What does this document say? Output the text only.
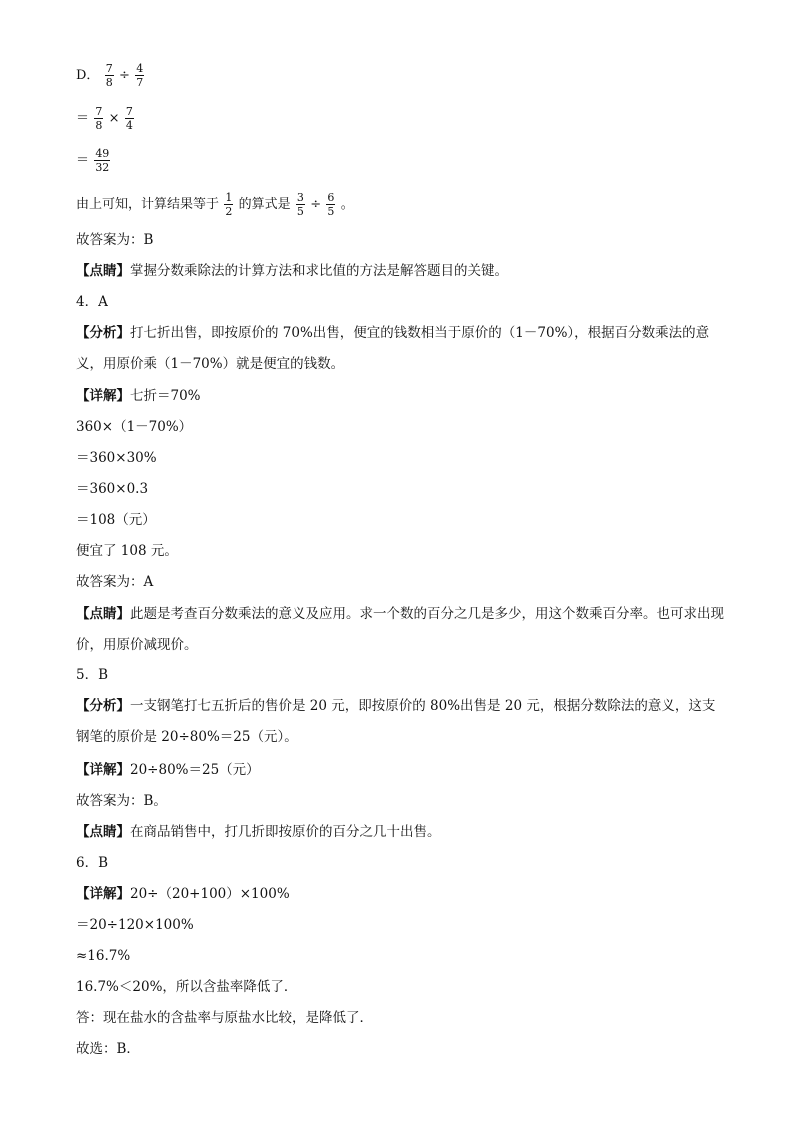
D． $\frac{7}{8} \div \frac{4}{7}$
＝ $\frac{7}{8} \times \frac{7}{4}$
＝ $\frac{49}{32}$
由上可知，计算结果等于 $\frac{1}{2}$ 的算式是 $\frac{3}{5} \div \frac{6}{5}$ 。
故答案为：B
【点睛】掌握分数乘除法的计算方法和求比值的方法是解答题目的关键。
4．A
【分析】打七折出售，即按原价的 70%出售，便宜的钱数相当于原价的（1－70%），根据百分数乘法的意义，用原价乘（1－70%）就是便宜的钱数。
【详解】七折＝70%
360×（1－70%）
＝360×30%
＝360×0.3
＝108（元）
便宜了 108 元。
故答案为：A
【点睛】此题是考查百分数乘法的意义及应用。求一个数的百分之几是多少，用这个数乘百分率。也可求出现价，用原价减现价。
5．B
【分析】一支钢笔打七五折后的售价是 20 元，即按原价的 80%出售是 20 元，根据分数除法的意义，这支钢笔的原价是 20÷80%＝25（元）。
【详解】20÷80%＝25（元）
故答案为：B。
【点睛】在商品销售中，打几折即按原价的百分之几十出售。
6．B
【详解】20÷（20+100）×100%
＝20÷120×100%
≈16.7%
16.7%＜20%，所以含盐率降低了．
答：现在盐水的含盐率与原盐水比较，是降低了．
故选：B．
